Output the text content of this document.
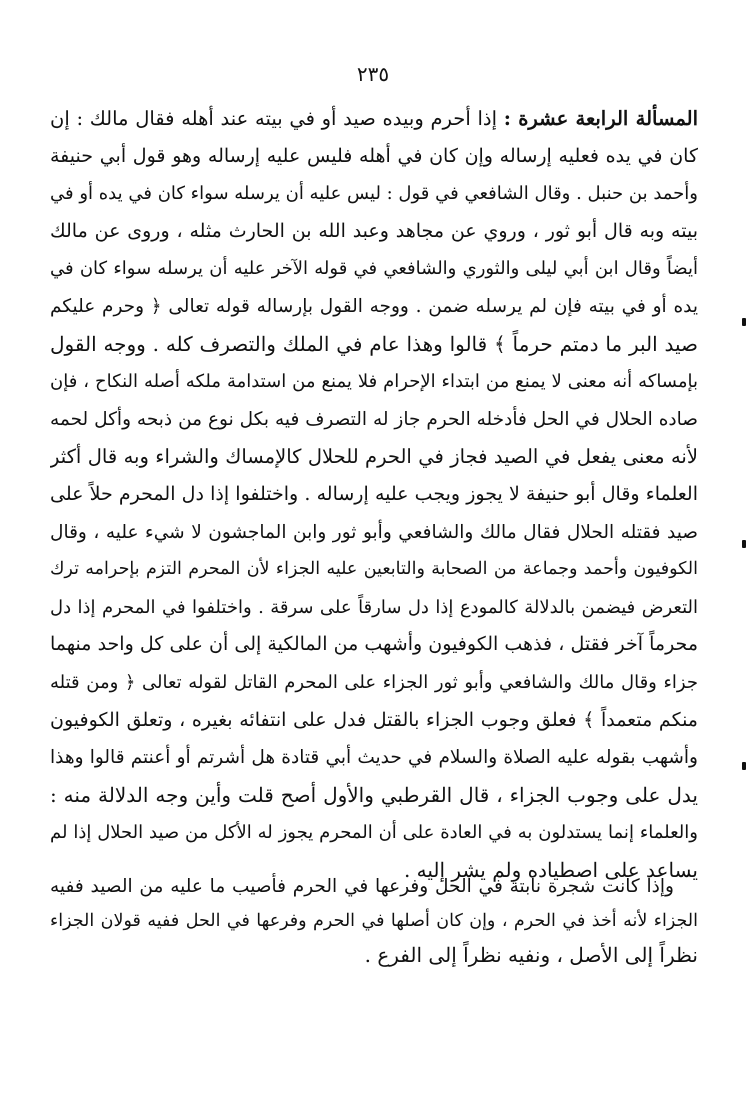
٢٣٥
المسألة الرابعة عشرة : إذا أحرم وبيده صيد أو في بيته عند أهله فقال مالك : إن
كان في يده فعليه إرساله وإن كان في أهله فليس عليه إرساله وهو قول أبي حنيفة
وأحمد بن حنبل . وقال الشافعي في قول : ليس عليه أن يرسله سواء كان في يده أو في
بيته وبه قال أبو ثور ، وروي عن مجاهد وعبد الله بن الحارث مثله ، وروى عن مالك
أيضاً وقال ابن أبي ليلى والثوري والشافعي في قوله الآخر عليه أن يرسله سواء كان في
يده أو في بيته فإن لم يرسله ضمن . ووجه القول بإرساله قوله تعالى ﴿ وحرم عليكم
صيد البر ما دمتم حرماً ﴾ قالوا وهذا عام في الملك والتصرف كله . ووجه القول
بإمساكه أنه معنى لا يمنع من ابتداء الإحرام فلا يمنع من استدامة ملكه أصله النكاح ، فإن
صاده الحلال في الحل فأدخله الحرم جاز له التصرف فيه بكل نوع من ذبحه وأكل لحمه
لأنه معنى يفعل في الصيد فجاز في الحرم للحلال كالإمساك والشراء وبه قال أكثر
العلماء وقال أبو حنيفة لا يجوز ويجب عليه إرساله . واختلفوا إذا دل المحرم حلاً على
صيد فقتله الحلال فقال مالك والشافعي وأبو ثور وابن الماجشون لا شيء عليه ، وقال
الكوفيون وأحمد وجماعة من الصحابة والتابعين عليه الجزاء لأن المحرم التزم بإحرامه ترك
التعرض فيضمن بالدلالة كالمودع إذا دل سارقاً على سرقة . واختلفوا في المحرم إذا دل
محرماً آخر فقتل ، فذهب الكوفيون وأشهب من المالكية إلى أن على كل واحد منهما
جزاء وقال مالك والشافعي وأبو ثور الجزاء على المحرم القاتل لقوله تعالى ﴿ ومن قتله
منكم متعمداً ﴾ فعلق وجوب الجزاء بالقتل فدل على انتفائه بغيره ، وتعلق الكوفيون
وأشهب بقوله عليه الصلاة والسلام في حديث أبي قتادة هل أشرتم أو أعنتم قالوا وهذا
يدل على وجوب الجزاء ، قال القرطبي والأول أصح قلت وأين وجه الدلالة منه :
والعلماء إنما يستدلون به في العادة على أن المحرم يجوز له الأكل من صيد الحلال إذا لم
يساعد على اصطياده ولم يشر إليه .
وإذا كانت شجرة نابتة في الحل وفرعها في الحرم فأصيب ما عليه من الصيد ففيه
الجزاء لأنه أخذ في الحرم ، وإن كان أصلها في الحرم وفرعها في الحل ففيه قولان الجزاء
نظراً إلى الأصل ، ونفيه نظراً إلى الفرع .
